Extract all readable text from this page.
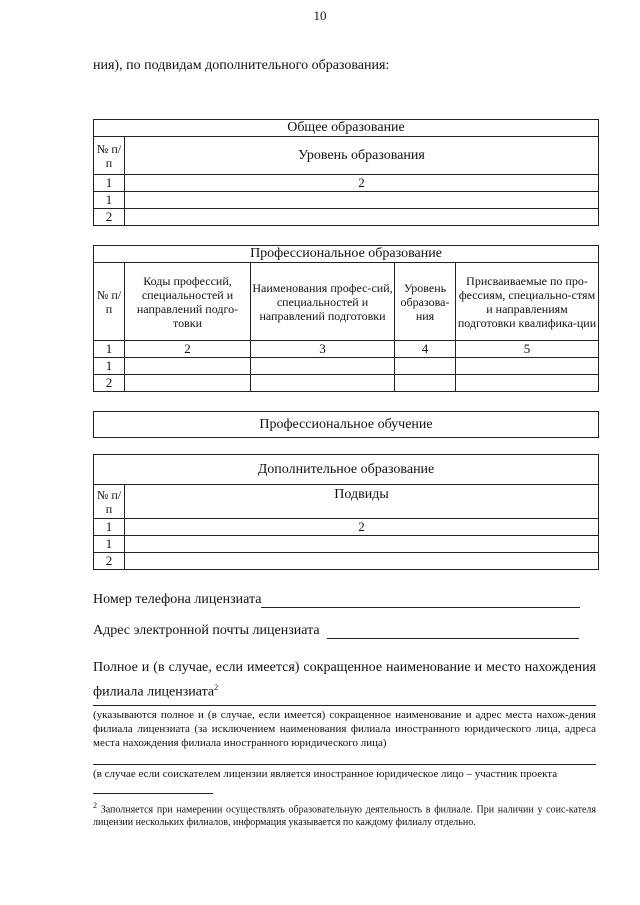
10
ния), по подвидам дополнительного образования:
Общее образование	
№ п/п	Уровень образования
1	2
1	
2	
Профессиональное образование				
№ п/п	Коды профессий, специальностей и направлений подго-товки	Наименования профес-сий, специальностей и направлений подготовки	Уровень образова-ния	Присваиваемые по про-фессиям, специально-стям и направлениям подготовки квалифика-ции
1	2	3	4	5
1				
2				
Профессиональное обучение
Дополнительное образование	
№ п/п	Подвиды
1	2
1	
2	
Номер телефона лицензиата
Адрес электронной почты лицензиата
Полное и (в случае, если имеется) сокращенное наименование и место нахождения филиала лицензиата$^2$
(указываются полное и (в случае, если имеется) сокращенное наименование и адрес места нахож-дения филиала лицензиата (за исключением наименования филиала иностранного юридического лица, адреса места нахождения филиала иностранного юридического лица)
(в случае если соискателем лицензии является иностранное юридическое лицо – участник проекта
$^2$ Заполняется при намерении осуществлять образовательную деятельность в филиале. При наличии у соис-кателя лицензии нескольких филиалов, информация указывается по каждому филиалу отдельно.
